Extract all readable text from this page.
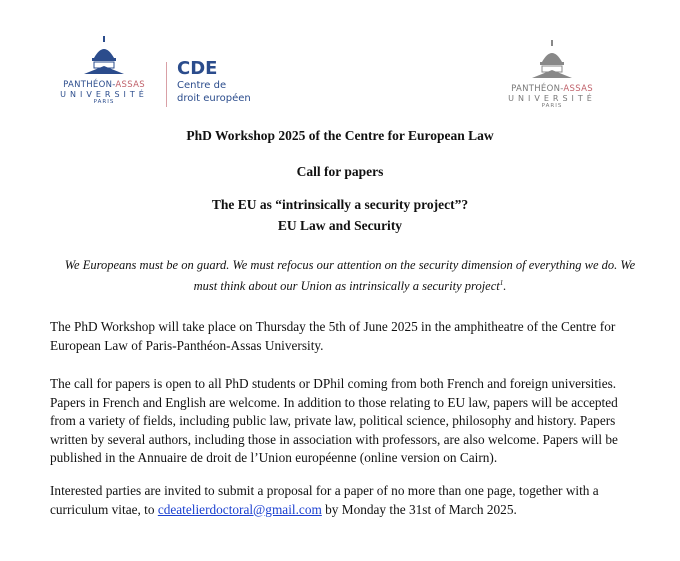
PANTHÉON-ASSAS
UNIVERSITÉ
PARIS
CDE
Centre de
droit européen
PANTHÉON-ASSAS
UNIVERSITÉ
PARIS
PhD Workshop 2025 of the Centre for European Law
Call for papers
The EU as “intrinsically a security project”?
EU Law and Security
We Europeans must be on guard. We must refocus our attention on the security dimension of everything we do. We must think about our Union as intrinsically a security project$^1$.
The PhD Workshop will take place on Thursday the 5th of June 2025 in the amphitheatre of the Centre for European Law of Paris-Panthéon-Assas University.
The call for papers is open to all PhD students or DPhil coming from both French and foreign universities. Papers in French and English are welcome. In addition to those relating to EU law, papers will be accepted from a variety of fields, including public law, private law, political science, philosophy and history. Papers written by several authors, including those in association with professors, are also welcome. Papers will be published in the Annuaire de droit de l’Union européenne (online version on Cairn).
Interested parties are invited to submit a proposal for a paper of no more than one page, together with a curriculum vitae, to cdeatelierdoctoral@gmail.com by Monday the 31st of March 2025.
